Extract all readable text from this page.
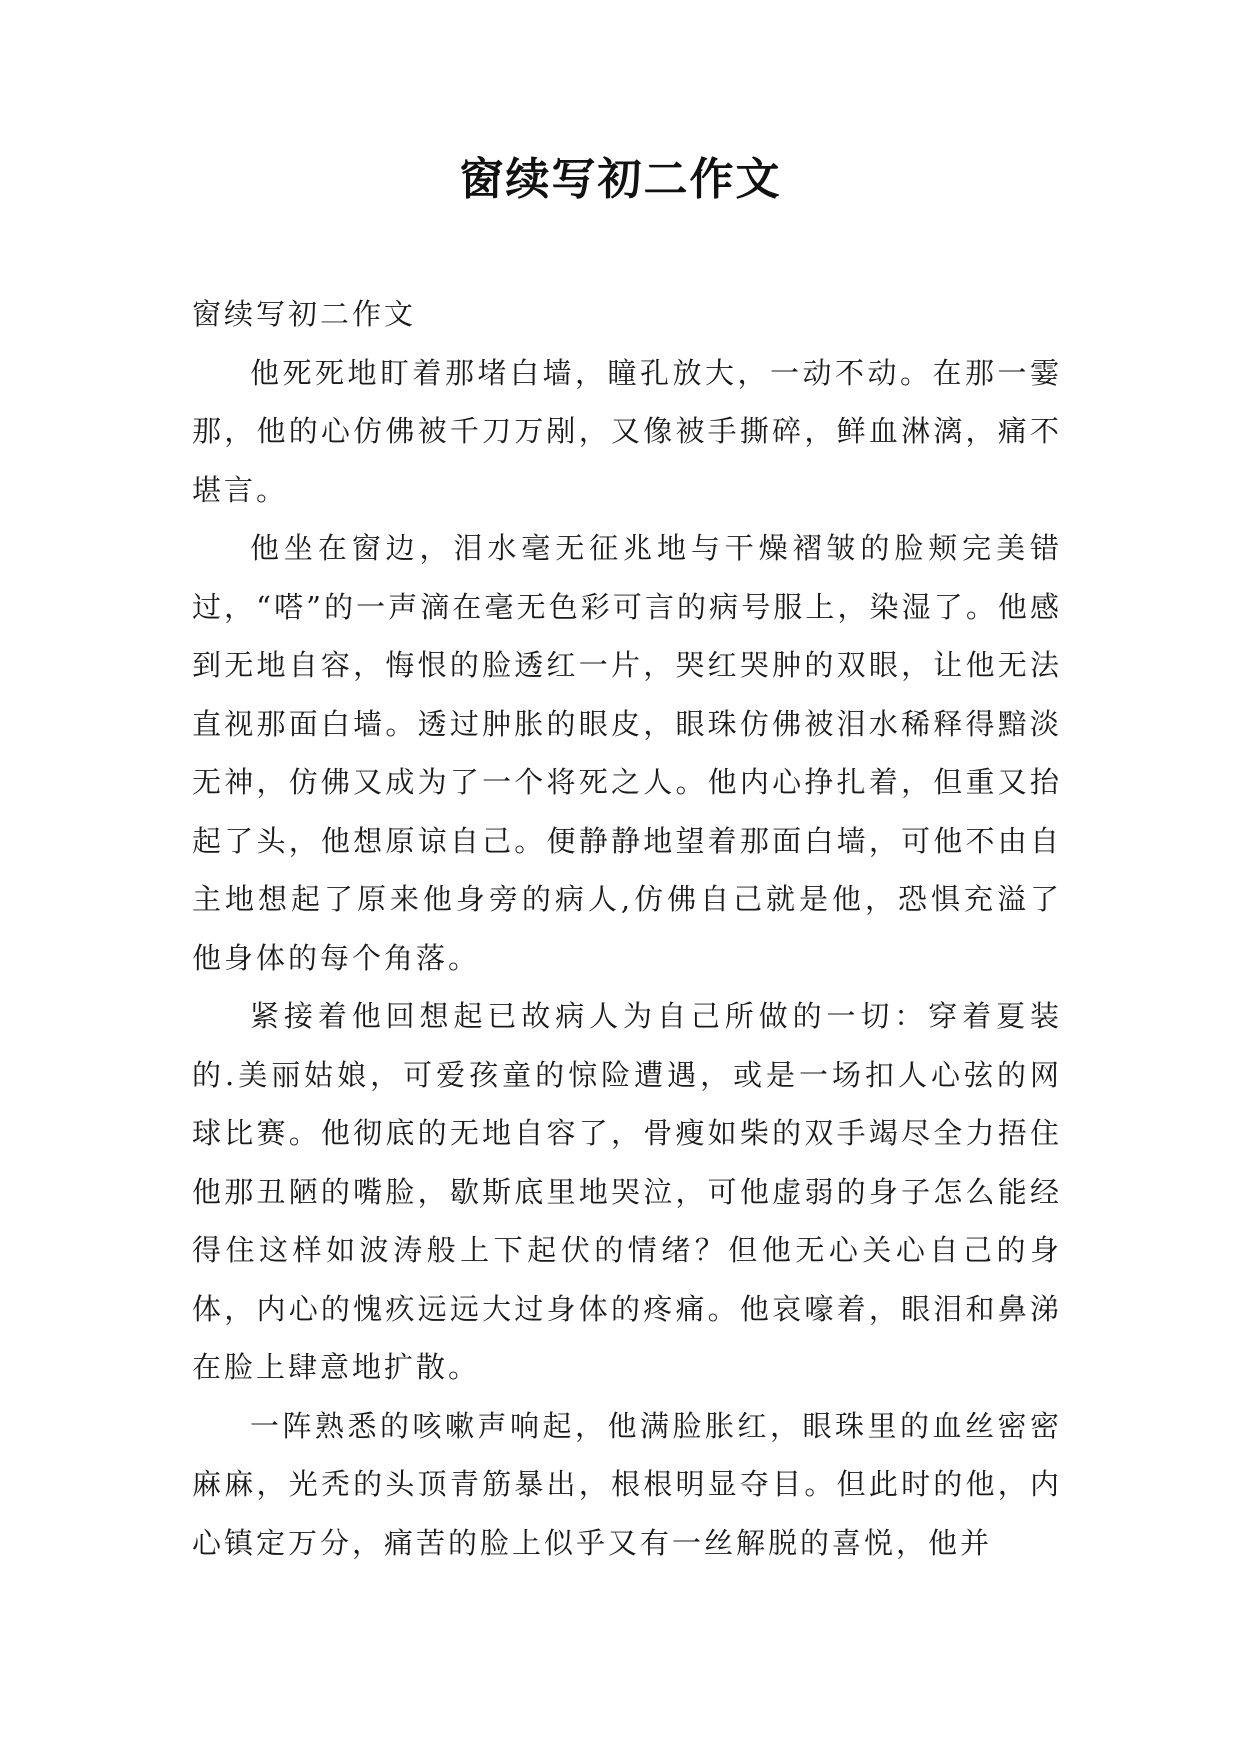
窗续写初二作文

窗续写初二作文

他死死地盯着那堵白墙，瞳孔放大，一动不动。在那一霎那，他的心仿佛被千刀万剐，又像被手撕碎，鲜血淋漓，痛不堪言。

他坐在窗边，泪水毫无征兆地与干燥褶皱的脸颊完美错过，“嗒”的一声滴在毫无色彩可言的病号服上，染湿了。他感到无地自容，悔恨的脸透红一片，哭红哭肿的双眼，让他无法直视那面白墙。透过肿胀的眼皮，眼珠仿佛被泪水稀释得黯淡无神，仿佛又成为了一个将死之人。他内心挣扎着，但重又抬起了头，他想原谅自己。便静静地望着那面白墙，可他不由自主地想起了原来他身旁的病人,仿佛自己就是他，恐惧充溢了他身体的每个角落。

紧接着他回想起已故病人为自己所做的一切：穿着夏装的.美丽姑娘，可爱孩童的惊险遭遇，或是一场扣人心弦的网球比赛。他彻底的无地自容了，骨瘦如柴的双手竭尽全力捂住他那丑陋的嘴脸，歇斯底里地哭泣，可他虚弱的身子怎么能经得住这样如波涛般上下起伏的情绪？但他无心关心自己的身体，内心的愧疚远远大过身体的疼痛。他哀嚎着，眼泪和鼻涕在脸上肆意地扩散。

一阵熟悉的咳嗽声响起，他满脸胀红，眼珠里的血丝密密麻麻，光秃的头顶青筋暴出，根根明显夺目。但此时的他，内心镇定万分，痛苦的脸上似乎又有一丝解脱的喜悦，他并
